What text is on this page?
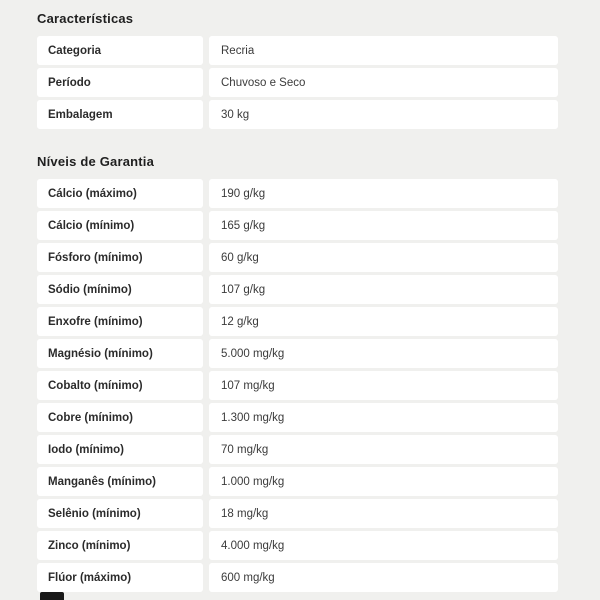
Características
Categoria	Recria
Período	Chuvoso e Seco
Embalagem	30 kg
Níveis de Garantia
Cálcio (máximo)	190 g/kg
Cálcio (mínimo)	165 g/kg
Fósforo (mínimo)	60 g/kg
Sódio (mínimo)	107 g/kg
Enxofre (mínimo)	12 g/kg
Magnésio (mínimo)	5.000 mg/kg
Cobalto (mínimo)	107 mg/kg
Cobre (mínimo)	1.300 mg/kg
Iodo (mínimo)	70 mg/kg
Manganês (mínimo)	1.000 mg/kg
Selênio (mínimo)	18 mg/kg
Zinco (mínimo)	4.000 mg/kg
Flúor (máximo)	600 mg/kg
